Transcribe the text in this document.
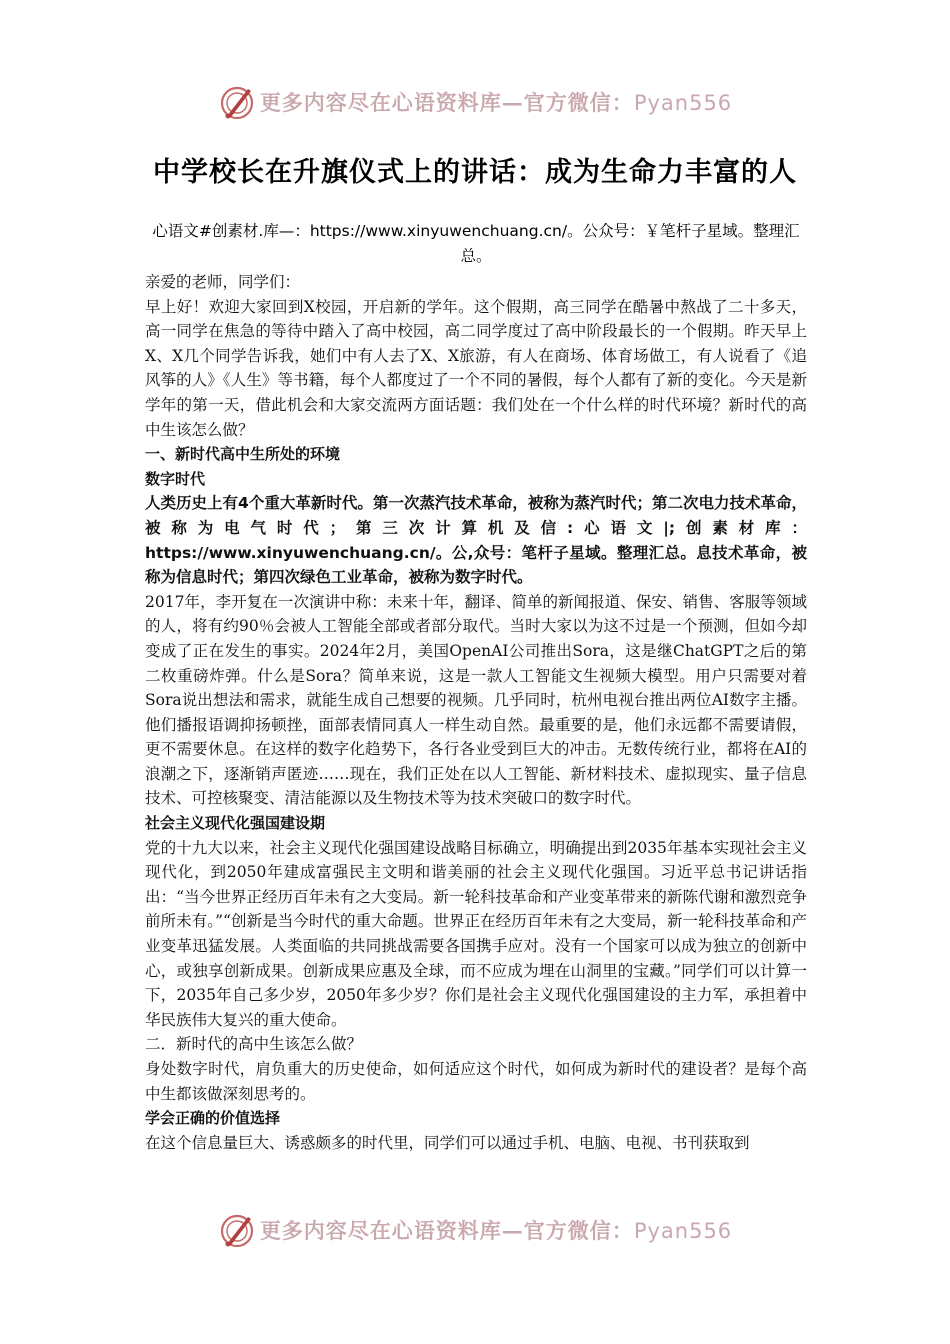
更多内容尽在心语资料库—官方微信：Pyan556
中学校长在升旗仪式上的讲话：成为生命力丰富的人
心语文#创素材.库—：https://www.xinyuwenchuang.cn/。公众号：￥笔杆子星域。整理汇总。

亲爱的老师，同学们：

早上好！欢迎大家回到X校园，开启新的学年。这个假期，高三同学在酷暑中熬战了二十多天，高一同学在焦急的等待中踏入了高中校园，高二同学度过了高中阶段最长的一个假期。昨天早上X、X几个同学告诉我，她们中有人去了X、X旅游，有人在商场、体育场做工，有人说看了《追风筝的人》《人生》等书籍，每个人都度过了一个不同的暑假，每个人都有了新的变化。今天是新学年的第一天，借此机会和大家交流两方面话题：我们处在一个什么样的时代环境？新时代的高中生该怎么做？

一、新时代高中生所处的环境

数字时代

人类历史上有4个重大革新时代。第一次蒸汽技术革命，被称为蒸汽时代；第二次电力技术革命，被称为电气时代；第三次计算机及信:心语文|;创素材库：https://www.xinyuwenchuang.cn/。公,众号：笔杆子星域。整理汇总。息技术革命，被称为信息时代；第四次绿色工业革命，被称为数字时代。

2017年，李开复在一次演讲中称：未来十年，翻译、简单的新闻报道、保安、销售、客服等领域的人，将有约90％会被人工智能全部或者部分取代。当时大家以为这不过是一个预测，但如今却变成了正在发生的事实。2024年2月，美国OpenAI公司推出Sora，这是继ChatGPT之后的第二枚重磅炸弹。什么是Sora？简单来说，这是一款人工智能文生视频大模型。用户只需要对着Sora说出想法和需求，就能生成自己想要的视频。几乎同时，杭州电视台推出两位AI数字主播。他们播报语调抑扬顿挫，面部表情同真人一样生动自然。最重要的是，他们永远都不需要请假，更不需要休息。在这样的数字化趋势下，各行各业受到巨大的冲击。无数传统行业，都将在AI的浪潮之下，逐渐销声匿迹……现在，我们正处在以人工智能、新材料技术、虚拟现实、量子信息技术、可控核聚变、清洁能源以及生物技术等为技术突破口的数字时代。

社会主义现代化强国建设期

党的十九大以来，社会主义现代化强国建设战略目标确立，明确提出到2035年基本实现社会主义现代化，到2050年建成富强民主文明和谐美丽的社会主义现代化强国。习近平总书记讲话指出：“当今世界正经历百年未有之大变局。新一轮科技革命和产业变革带来的新陈代谢和激烈竞争前所未有。”“创新是当今时代的重大命题。世界正在经历百年未有之大变局，新一轮科技革命和产业变革迅猛发展。人类面临的共同挑战需要各国携手应对。没有一个国家可以成为独立的创新中心，或独享创新成果。创新成果应惠及全球，而不应成为埋在山洞里的宝藏。”同学们可以计算一下，2035年自己多少岁，2050年多少岁？你们是社会主义现代化强国建设的主力军，承担着中华民族伟大复兴的重大使命。

二．新时代的高中生该怎么做？

身处数字时代，肩负重大的历史使命，如何适应这个时代，如何成为新时代的建设者？是每个高中生都该做深刻思考的。

学会正确的价值选择

在这个信息量巨大、诱惑颇多的时代里，同学们可以通过手机、电脑、电视、书刊获取到

更多内容尽在心语资料库—官方微信：Pyan556
